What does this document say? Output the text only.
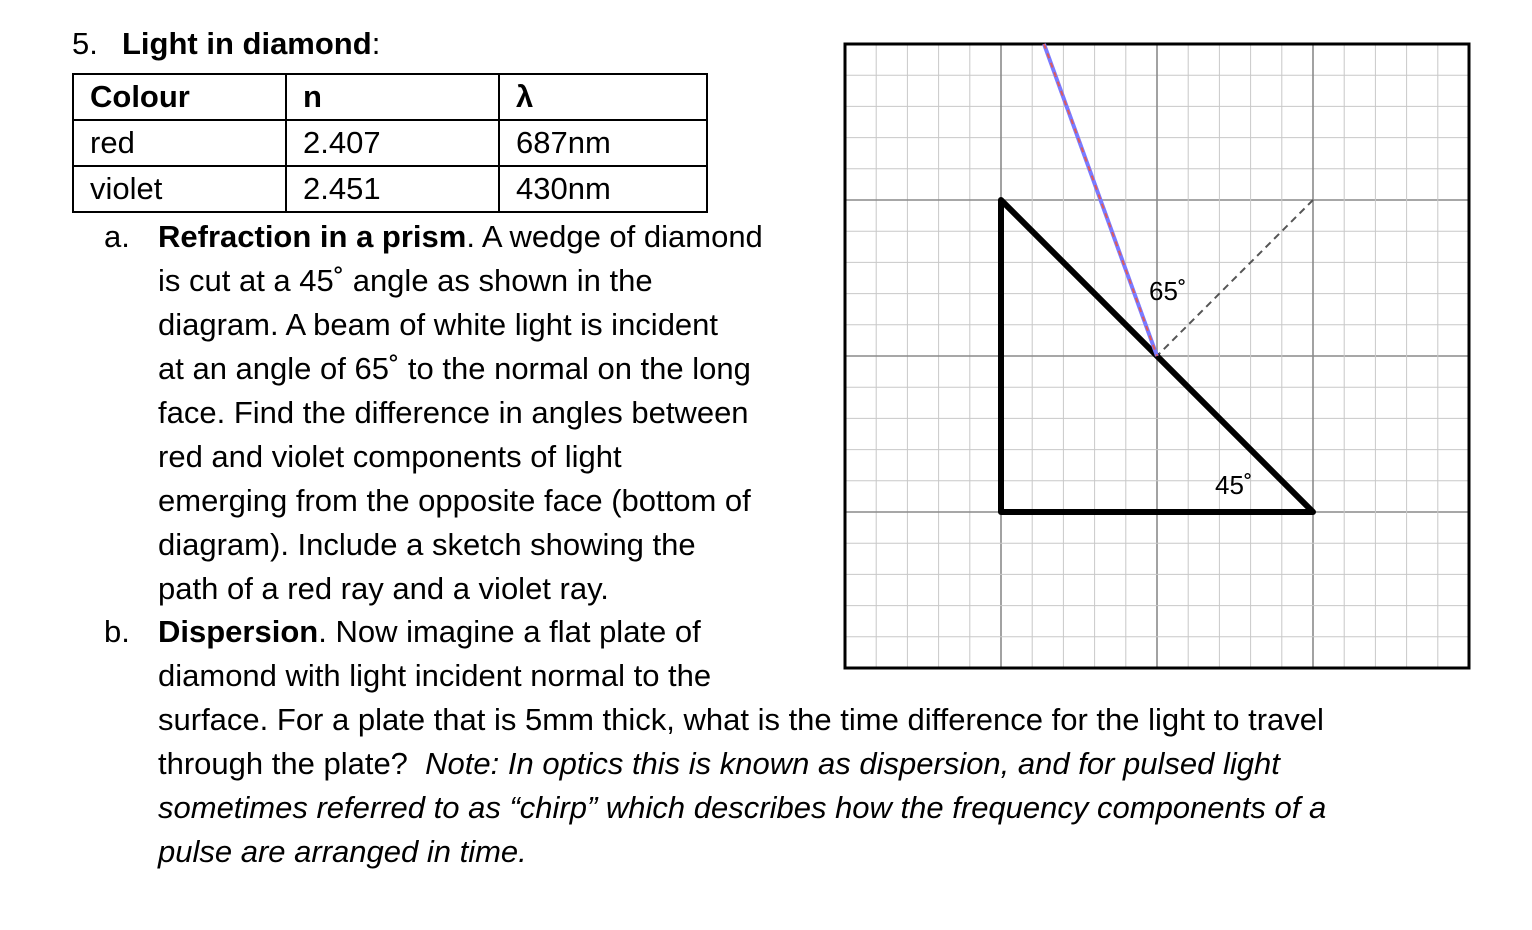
5. Light in diamond:
Colour	n	λ
red	2.407	687nm
violet	2.451	430nm
a. Refraction in a prism. A wedge of diamond
is cut at a 45˚ angle as shown in the
diagram. A beam of white light is incident
at an angle of 65˚ to the normal on the long
face. Find the difference in angles between
red and violet components of light
emerging from the opposite face (bottom of
diagram). Include a sketch showing the
path of a red ray and a violet ray.
b. Dispersion. Now imagine a flat plate of
diamond with light incident normal to the
surface. For a plate that is 5mm thick, what is the time difference for the light to travel
through the plate? Note: In optics this is known as dispersion, and for pulsed light
sometimes referred to as “chirp” which describes how the frequency components of a
pulse are arranged in time.
65˚
45˚
